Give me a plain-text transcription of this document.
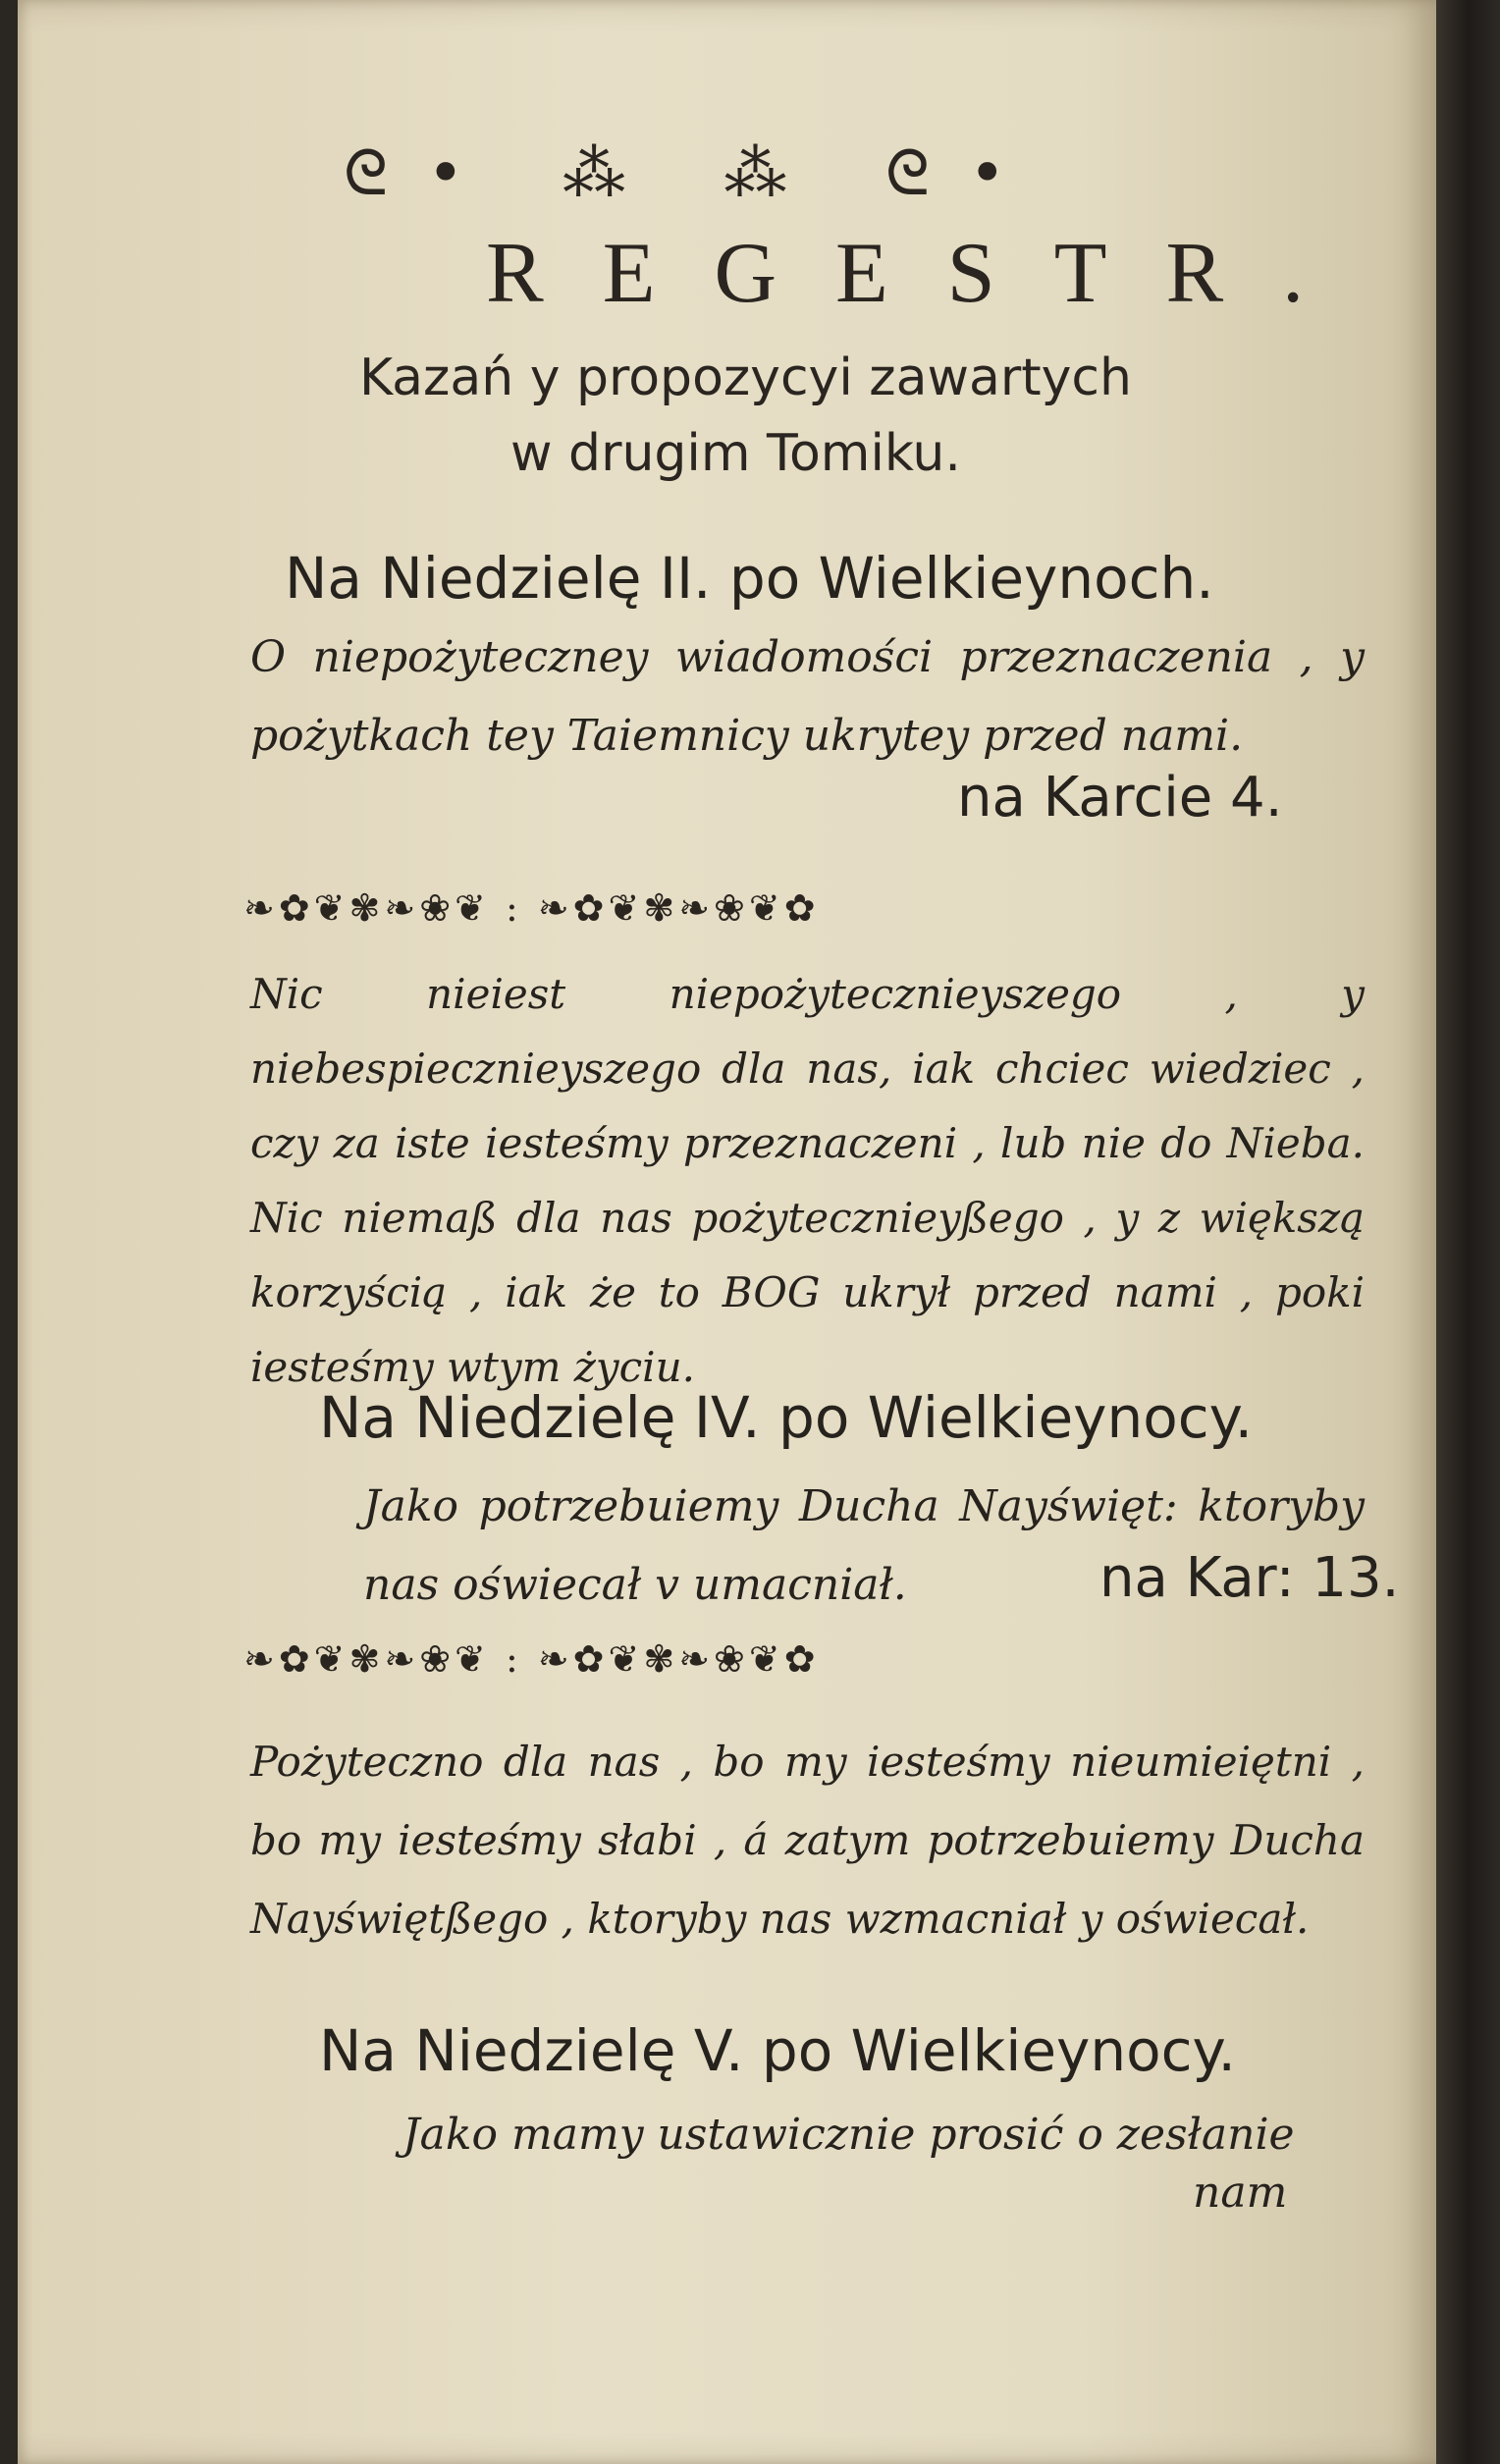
ᘓ• ⁂ ⁂ ᘓ•
REGESTR.
Kazań y propozycyi zawartych
w drugim Tomiku.
Na Niedzielę II. po Wielkieynoch.
O niepożyteczney wiadomości przeznaczenia , y pożytkach tey Taiemnicy ukrytey przed nami.
na Karcie 4.
❧✿❦✾❧❀❦ : ❧✿❦✾❧❀❦✿
Nic nieiest niepożytecznieyszego , y niebespiecznieyszego dla nas, iak chciec wiedziec , czy za iste iesteśmy przeznaczeni , lub nie do Nieba. Nic niemaß dla nas pożytecznieyßego , y z większą korzyścią , iak że to BOG ukrył przed nami , poki iesteśmy wtym życiu.
Na Niedzielę IV. po Wielkieynocy.
Jako potrzebuiemy Ducha Nayświęt: ktoryby nas oświecał v umacniał.	na Kar: 13.
❧✿❦✾❧❀❦ : ❧✿❦✾❧❀❦✿
Pożyteczno dla nas , bo my iesteśmy nieumieiętni , bo my iesteśmy słabi , á zatym potrzebuiemy Ducha Nayświętßego , ktoryby nas wzmacniał y oświecał.
Na Niedzielę V. po Wielkieynocy.
Jako mamy ustawicznie prosić o zesłanie
nam
